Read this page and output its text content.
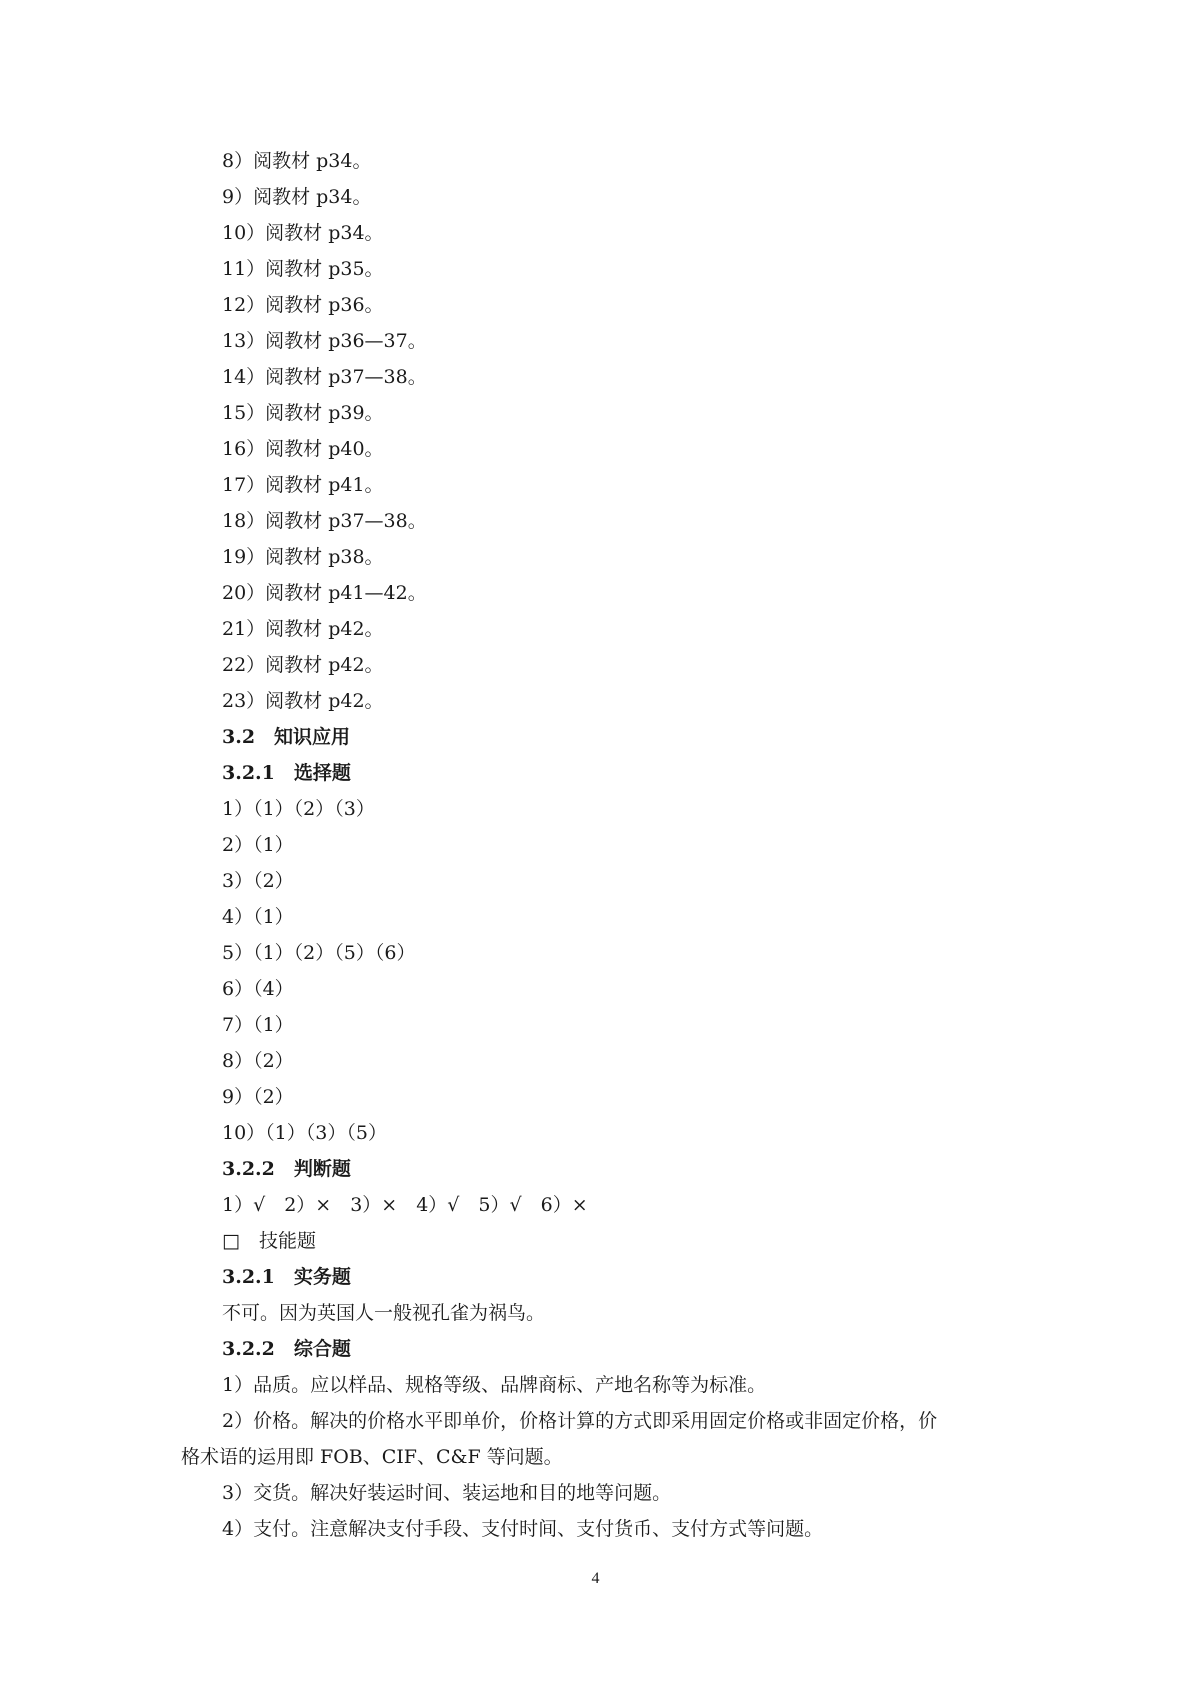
8）阅教材 p34。
9）阅教材 p34。
10）阅教材 p34。
11）阅教材 p35。
12）阅教材 p36。
13）阅教材 p36—37。
14）阅教材 p37—38。
15）阅教材 p39。
16）阅教材 p40。
17）阅教材 p41。
18）阅教材 p37—38。
19）阅教材 p38。
20）阅教材 p41—42。
21）阅教材 p42。
22）阅教材 p42。
23）阅教材 p42。
3.2　知识应用
3.2.1　选择题
1）（1）（2）（3）
2）（1）
3）（2）
4）（1）
5）（1）（2）（5）（6）
6）（4）
7）（1）
8）（2）
9）（2）
10）（1）（3）（5）
3.2.2　判断题
1）√　2）×　3）×　4）√　5）√　6）×
□　技能题
3.2.1　实务题
不可。因为英国人一般视孔雀为祸鸟。
3.2.2　综合题
1）品质。应以样品、规格等级、品牌商标、产地名称等为标准。
2）价格。解决的价格水平即单价，价格计算的方式即采用固定价格或非固定价格，价
格术语的运用即 FOB、CIF、C&F 等问题。
3）交货。解决好装运时间、装运地和目的地等问题。
4）支付。注意解决支付手段、支付时间、支付货币、支付方式等问题。
4
